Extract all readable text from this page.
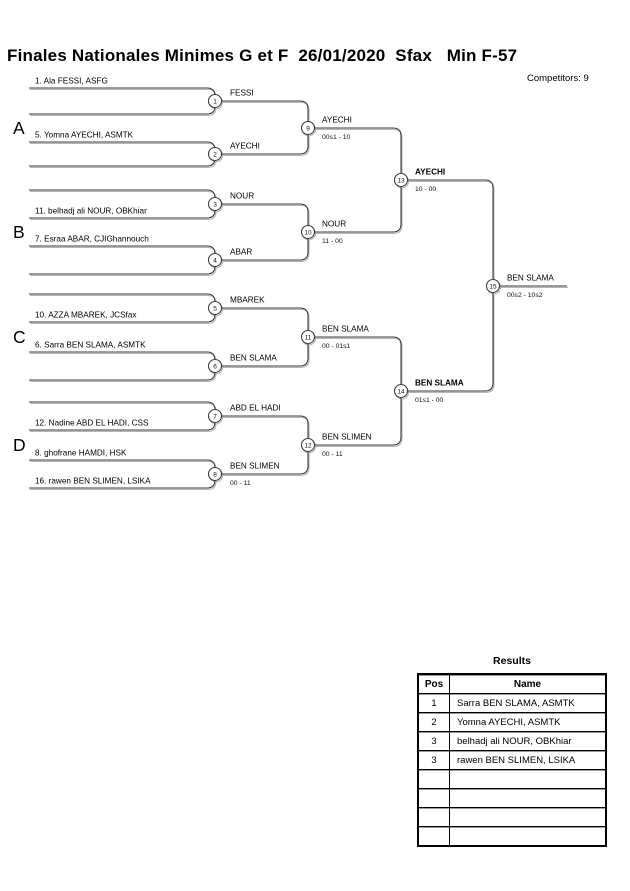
Finales Nationales Minimes G et F  26/01/2020  Sfax   Min F-57
Competitors: 9
A
B
C
D
1. Ala FESSI, ASFG
5. Yomna AYECHI, ASMTK
11. belhadj ali NOUR, OBKhiar
7. Esraa ABAR, CJIGhannouch
10. AZZA MBAREK, JCSfax
6. Sarra BEN SLAMA, ASMTK
12. Nadine ABD EL HADI, CSS
8. ghofrane HAMDI, HSK
16. rawen BEN SLIMEN, LSIKA
1
2
3
4
5
6
7
8
9
10
11
12
13
14
15
FESSI
AYECHI
NOUR
ABAR
MBAREK
BEN SLAMA
ABD EL HADI
BEN SLIMEN
00 - 11
AYECHI
00s1 - 10
NOUR
11 - 00
BEN SLAMA
00 - 01s1
BEN SLIMEN
00 - 11
AYECHI
10 - 00
BEN SLAMA
01s1 - 00
BEN SLAMA
00s2 - 10s2
Results
Pos	Name
1	Sarra BEN SLAMA, ASMTK
2	Yomna AYECHI, ASMTK
3	belhadj ali NOUR, OBKhiar
3	rawen BEN SLIMEN, LSIKA
